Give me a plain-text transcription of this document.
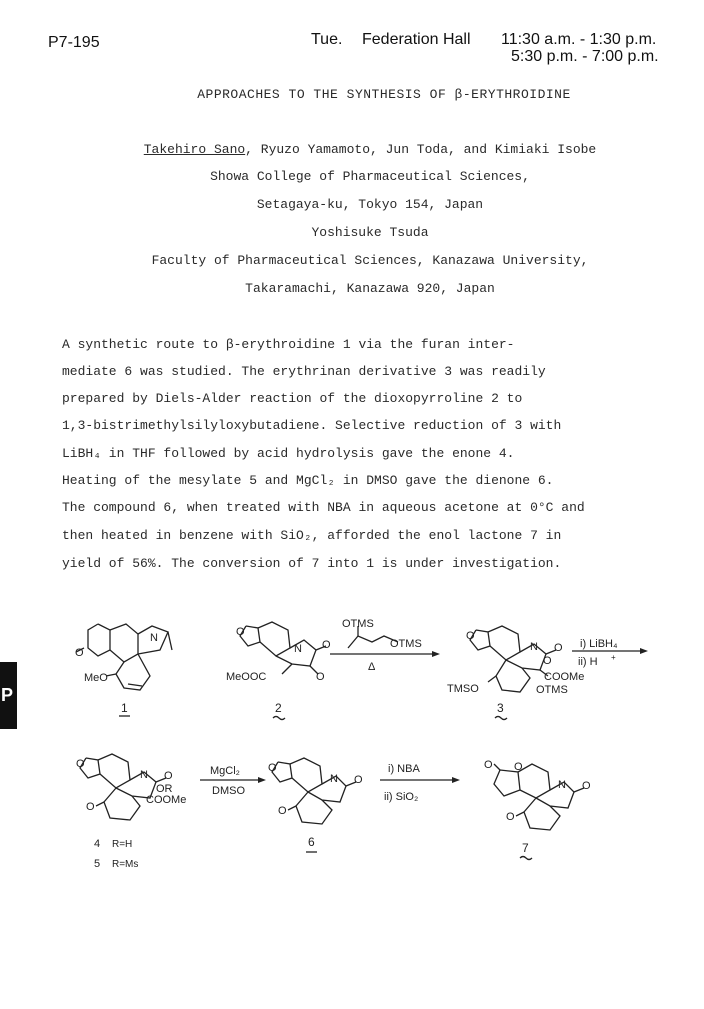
P7-195	Tue. Federation Hall 11:30 a.m. - 1:30 p.m.
5:30 p.m. - 7:00 p.m.
APPROACHES TO THE SYNTHESIS OF β-ERYTHROIDINE
Takehiro Sano, Ryuzo Yamamoto, Jun Toda, and Kimiaki Isobe
Showa College of Pharmaceutical Sciences,
Setagaya-ku, Tokyo 154, Japan
Yoshisuke Tsuda
Faculty of Pharmaceutical Sciences, Kanazawa University,
Takaramachi, Kanazawa 920, Japan
A synthetic route to β-erythroidine 1 via the furan inter-
mediate 6 was studied. The erythrinan derivative 3 was readily
prepared by Diels-Alder reaction of the dioxopyrroline 2 to
1,3-bistrimethylsilyloxybutadiene. Selective reduction of 3 with
LiBH₄ in THF followed by acid hydrolysis gave the enone 4.
Heating of the mesylate 5 and MgCl₂ in DMSO gave the dienone 6.
The compound 6, when treated with NBA in aqueous acetone at 0°C and
then heated in benzene with SiO₂, afforded the enol lactone 7 in
yield of 56%. The conversion of 7 into 1 is under investigation.
P
O
N
MeO
1
O
N O
O
MeOOC
2
OTMS
OTMS
Δ
O
N O
O
COOMe
TMSO	OTMS
3
i) LiBH₄
ii) H +
O
N O
OR
COOMe
O
4 R=H
5 R=Ms
MgCl₂
DMSO
O
N O
O
6
i) NBA
ii) SiO₂
O O
N O
O
7
